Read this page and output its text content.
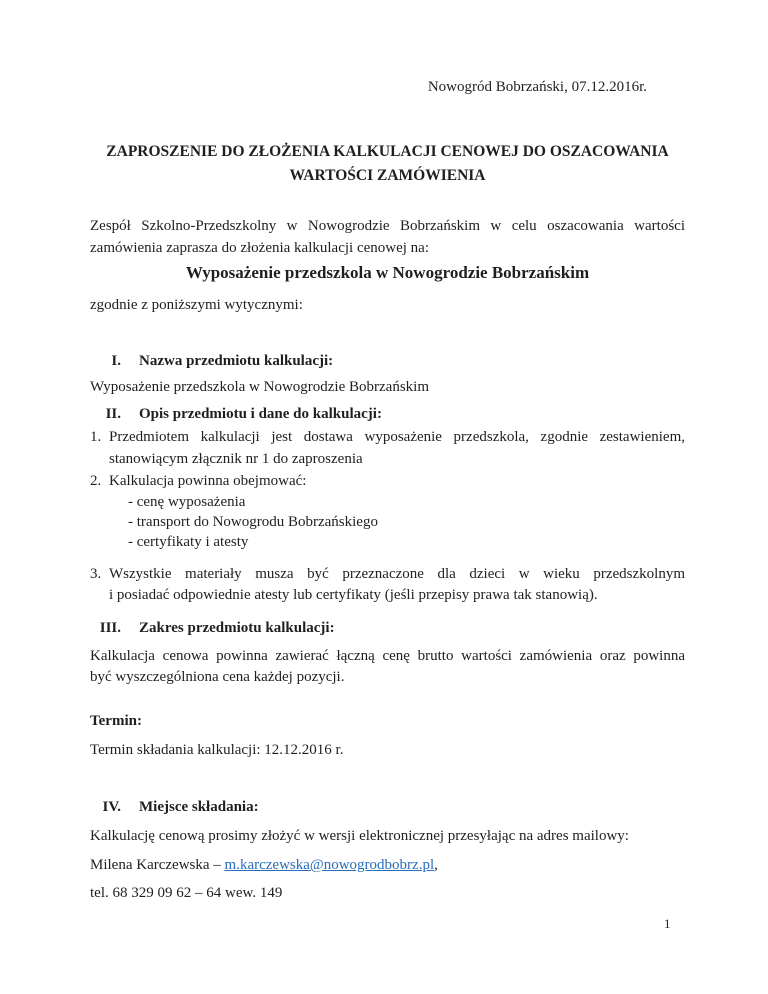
Nowogród Bobrzański, 07.12.2016r.
ZAPROSZENIE DO ZŁOŻENIA KALKULACJI CENOWEJ DO OSZACOWANIA
WARTOŚCI ZAMÓWIENIA
Zespół Szkolno-Przedszkolny w Nowogrodzie Bobrzańskim w celu oszacowania wartości
zamówienia zaprasza do złożenia kalkulacji cenowej na:
Wyposażenie przedszkola w Nowogrodzie Bobrzańskim
zgodnie z poniższymi wytycznymi:
I. Nazwa przedmiotu kalkulacji:
Wyposażenie przedszkola w Nowogrodzie Bobrzańskim
II. Opis przedmiotu i dane do kalkulacji:
1. Przedmiotem kalkulacji jest dostawa wyposażenie przedszkola, zgodnie zestawieniem,
stanowiącym złącznik nr 1 do zaproszenia
2. Kalkulacja powinna obejmować:
- cenę wyposażenia
- transport do Nowogrodu Bobrzańskiego
- certyfikaty i atesty
3. Wszystkie materiały musza być przeznaczone dla dzieci w wieku przedszkolnym
i posiadać odpowiednie atesty lub certyfikaty (jeśli przepisy prawa tak stanowią).
III. Zakres przedmiotu kalkulacji:
Kalkulacja cenowa powinna zawierać łączną cenę brutto wartości zamówienia oraz powinna
być wyszczególniona cena każdej pozycji.
Termin:
Termin składania kalkulacji: 12.12.2016 r.
IV. Miejsce składania:
Kalkulację cenową prosimy złożyć w wersji elektronicznej przesyłając na adres mailowy:
Milena Karczewska – m.karczewska@nowogrodbobrz.pl,
tel. 68 329 09 62 – 64 wew. 149
1
